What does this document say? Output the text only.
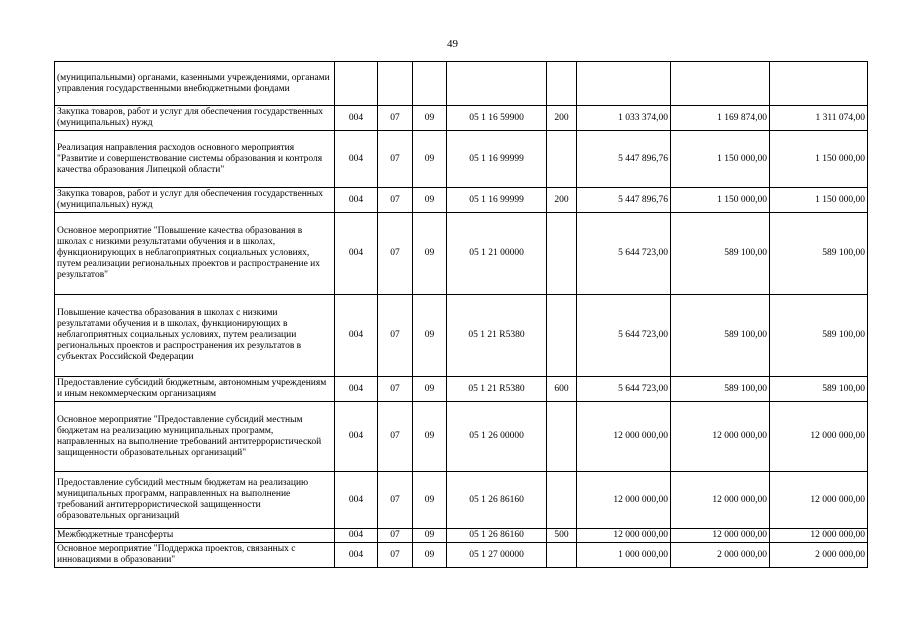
49
(муниципальными) органами, казенными учреждениями, органами управления государственными внебюджетными фондами								
Закупка товаров, работ и услуг для обеспечения государственных (муниципальных) нужд	004	07	09	05 1 16 59900	200	1 033 374,00	1 169 874,00	1 311 074,00
Реализация направления расходов основного мероприятия "Развитие и совершенствование системы образования и контроля качества образования Липецкой области"	004	07	09	05 1 16 99999		5 447 896,76	1 150 000,00	1 150 000,00
Закупка товаров, работ и услуг для обеспечения государственных (муниципальных) нужд	004	07	09	05 1 16 99999	200	5 447 896,76	1 150 000,00	1 150 000,00
Основное мероприятие "Повышение качества образования в школах с низкими результатами обучения и в школах, функционирующих в неблагоприятных социальных условиях, путем реализации региональных проектов и распространение их результатов"	004	07	09	05 1 21 00000		5 644 723,00	589 100,00	589 100,00
Повышение качества образования в школах с низкими результатами обучения и в школах, функционирующих в неблагоприятных социальных условиях, путем реализации региональных проектов и распространения их результатов в субъектах Российской Федерации	004	07	09	05 1 21 R5380		5 644 723,00	589 100,00	589 100,00
Предоставление субсидий бюджетным, автономным учреждениям и иным некоммерческим организациям	004	07	09	05 1 21 R5380	600	5 644 723,00	589 100,00	589 100,00
Основное мероприятие "Предоставление субсидий местным бюджетам на реализацию муниципальных программ, направленных на выполнение требований антитеррористической защищенности образовательных организаций"	004	07	09	05 1 26 00000		12 000 000,00	12 000 000,00	12 000 000,00
Предоставление субсидий местным бюджетам на реализацию муниципальных программ, направленных на выполнение требований антитеррористической защищенности образовательных организаций	004	07	09	05 1 26 86160		12 000 000,00	12 000 000,00	12 000 000,00
Межбюджетные трансферты	004	07	09	05 1 26 86160	500	12 000 000,00	12 000 000,00	12 000 000,00
Основное мероприятие "Поддержка проектов, связанных с инновациями в образовании"	004	07	09	05 1 27 00000		1 000 000,00	2 000 000,00	2 000 000,00
